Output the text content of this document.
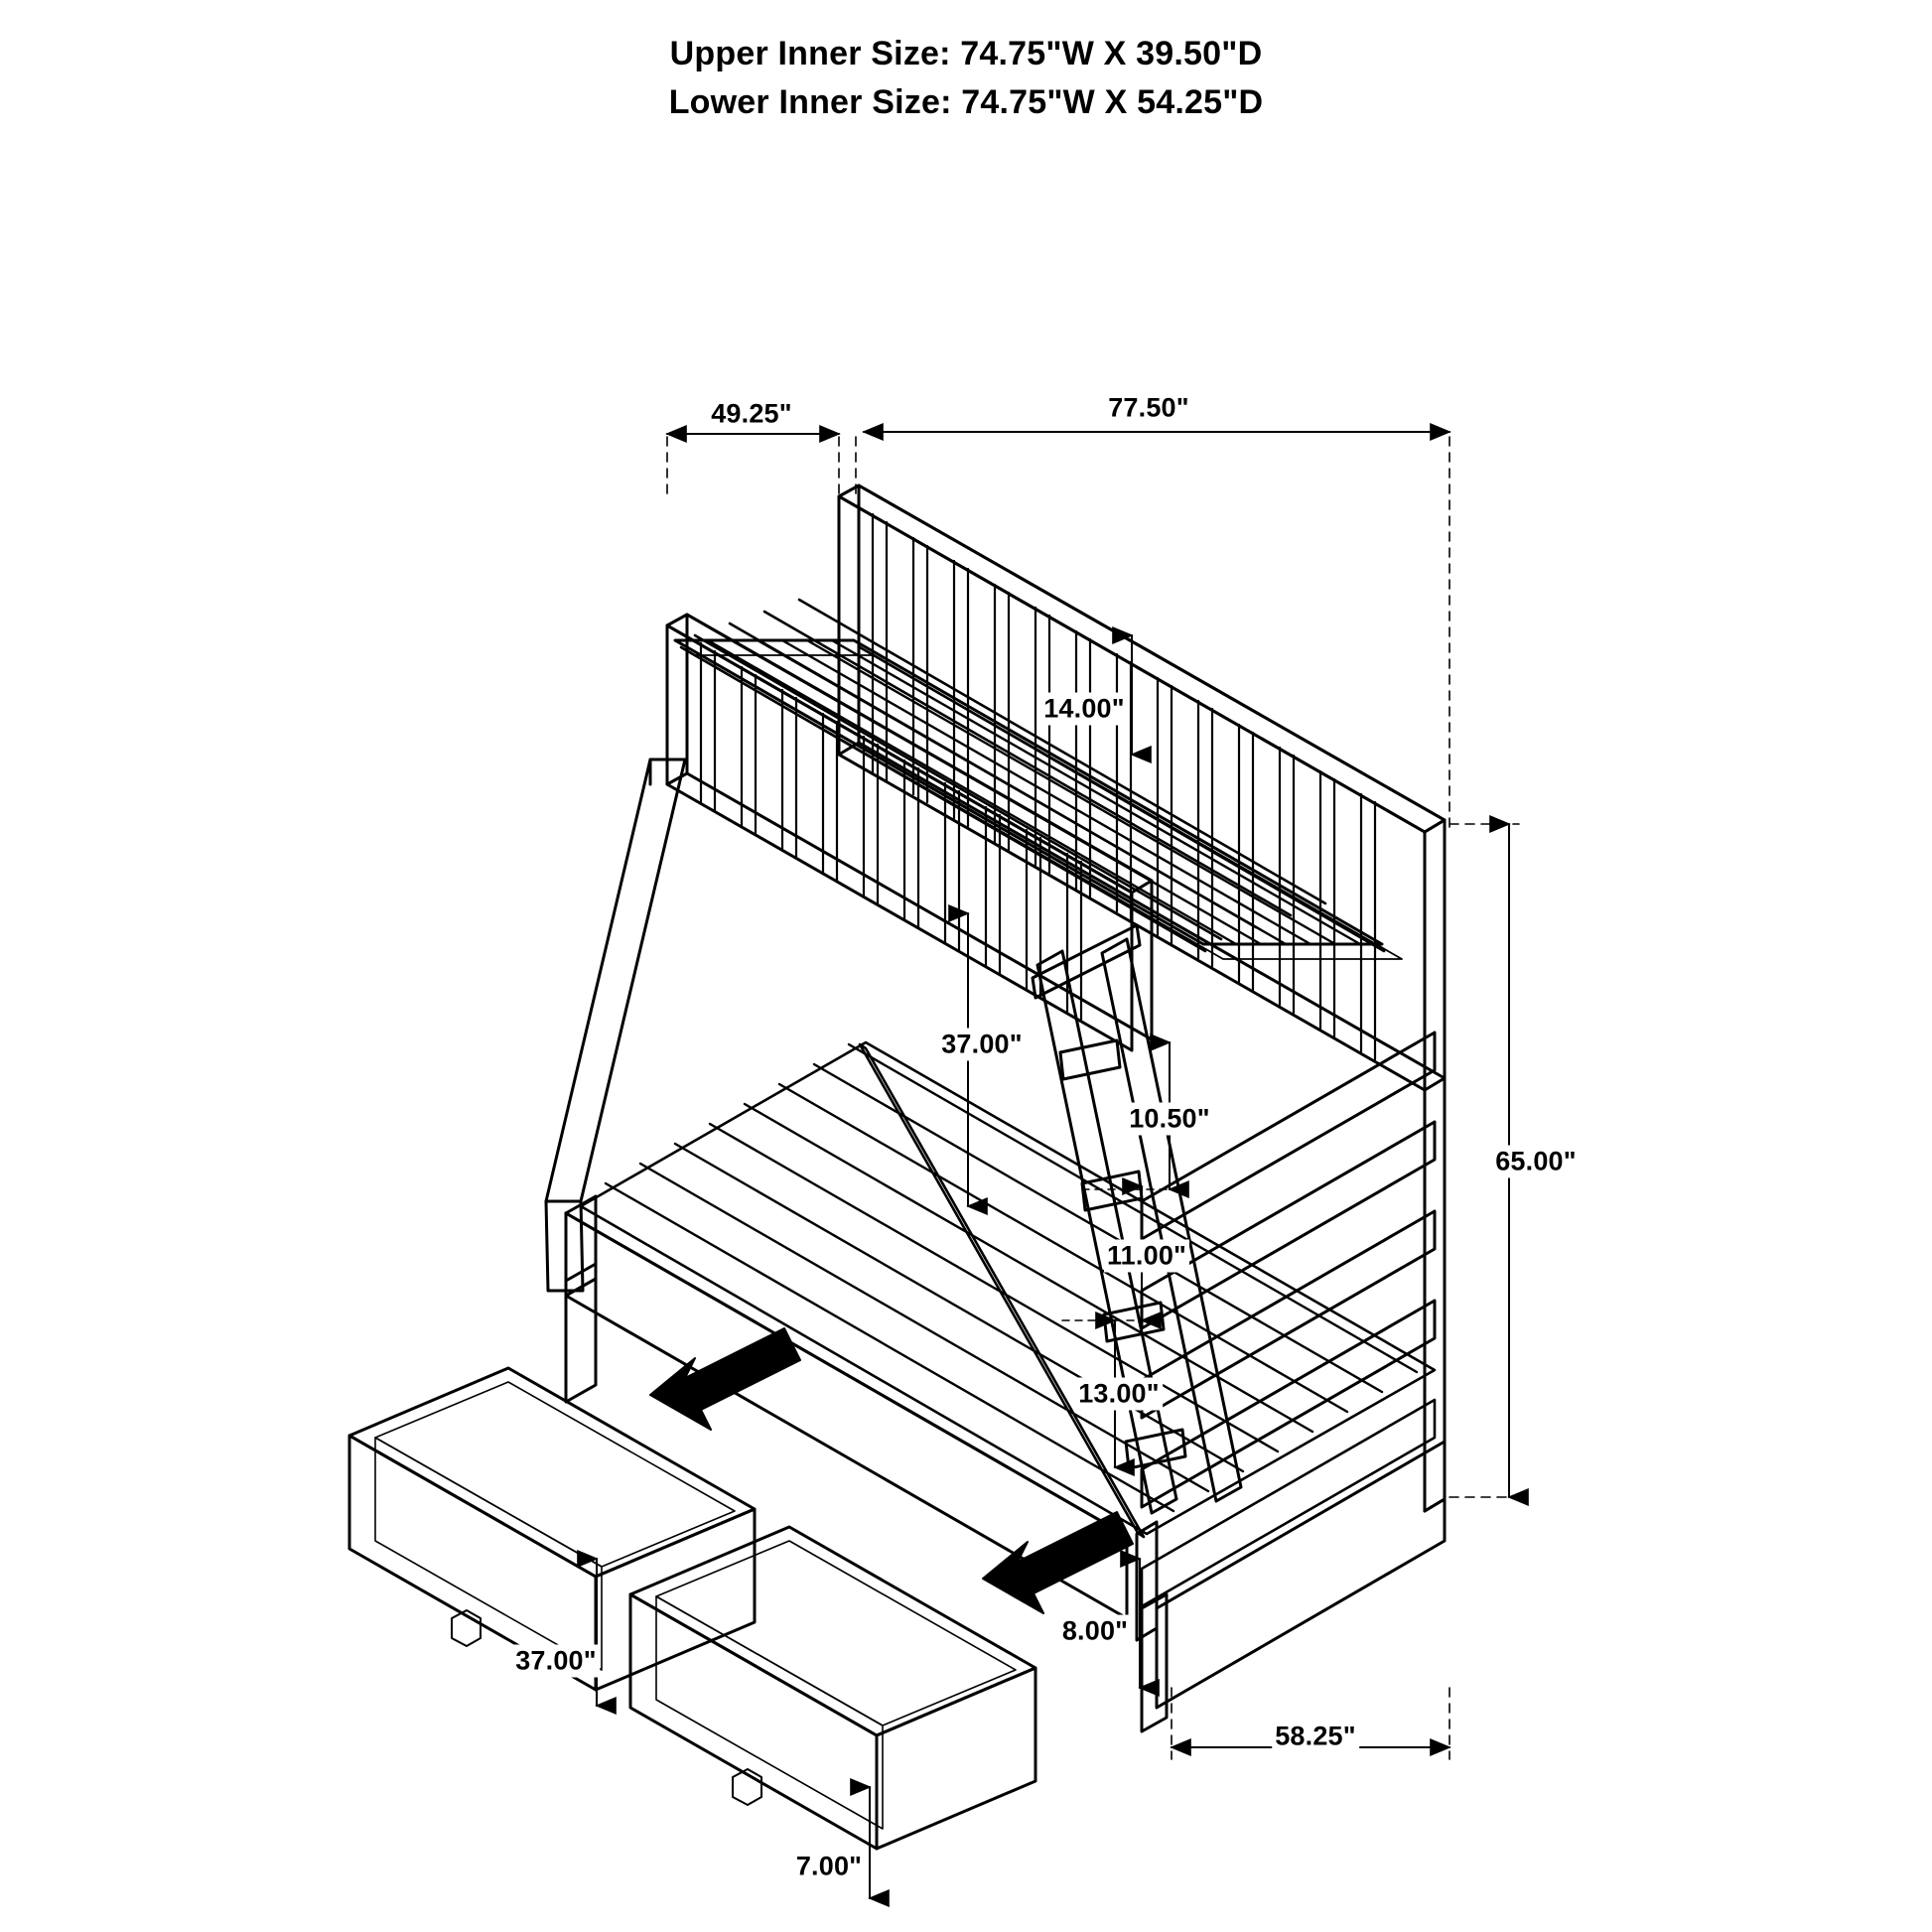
Upper Inner Size: 74.75"W X 39.50"D
Lower Inner Size: 74.75"W X 54.25"D
49.25"	77.50"
14.00"
37.00"
10.50"
11.00"
13.00"
8.00"
65.00"
37.00"
7.00"
58.25"
